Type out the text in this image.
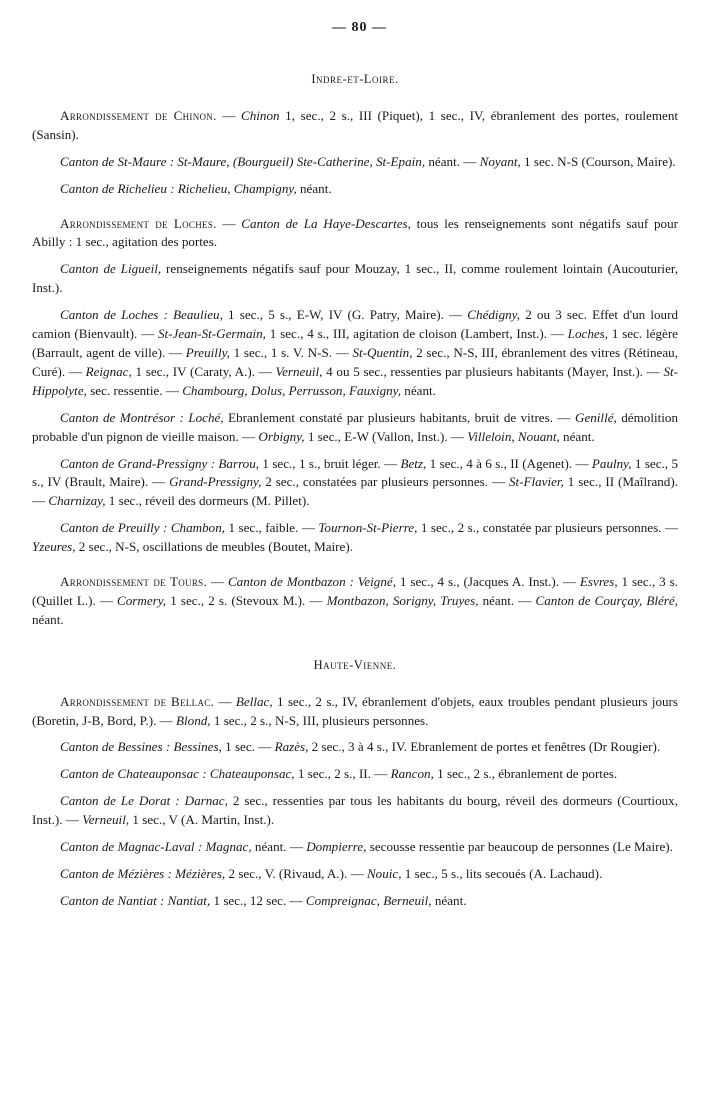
— 80 —
Indre-et-Loire.

Arrondissement de Chinon. — Chinon 1, sec., 2 s., III (Piquet), 1 sec., IV, ébranlement des portes, roulement (Sansin).

Canton de St-Maure : St-Maure, (Bourgueil) Ste-Catherine, St-Epain, néant. — Noyant, 1 sec. N-S (Courson, Maire).

Canton de Richelieu : Richelieu, Champigny, néant.

Arrondissement de Loches. — Canton de La Haye-Descartes, tous les renseignements sont négatifs sauf pour Abilly : 1 sec., agitation des portes.

Canton de Ligueil, renseignements négatifs sauf pour Mouzay, 1 sec., II, comme roulement lointain (Aucouturier, Inst.).

Canton de Loches : Beaulieu, 1 sec., 5 s., E-W, IV (G. Patry, Maire). — Chédigny, 2 ou 3 sec. Effet d'un lourd camion (Bienvault). — St-Jean-St-Germain, 1 sec., 4 s., III, agitation de cloison (Lambert, Inst.). — Loches, 1 sec. légère (Barrault, agent de ville). — Preuilly, 1 sec., 1 s. V. N-S. — St-Quentin, 2 sec., N-S, III, ébranlement des vitres (Rétineau, Curé). — Reignac, 1 sec., IV (Caraty, A.). — Verneuil, 4 ou 5 sec., ressenties par plusieurs habitants (Mayer, Inst.). — St-Hippolyte, sec. ressentie. — Chambourg, Dolus, Perrusson, Fauxigny, néant.

Canton de Montrésor : Loché, Ebranlement constaté par plusieurs habitants, bruit de vitres. — Genillé, démolition probable d'un pignon de vieille maison. — Orbigny, 1 sec., E-W (Vallon, Inst.). — Villeloin, Nouant, néant.

Canton de Grand-Pressigny : Barrou, 1 sec., 1 s., bruit léger. — Betz, 1 sec., 4 à 6 s., II (Agenet). — Paulny, 1 sec., 5 s., IV (Brault, Maire). — Grand-Pressigny, 2 sec., constatées par plusieurs personnes. — St-Flavier, 1 sec., II (Maîlrand). — Charnizay, 1 sec., réveil des dormeurs (M. Pillet).

Canton de Preuilly : Chambon, 1 sec., faible. — Tournon-St-Pierre, 1 sec., 2 s., constatée par plusieurs personnes. — Yzeures, 2 sec., N-S, oscillations de meubles (Boutet, Maire).

Arrondissement de Tours. — Canton de Montbazon : Veigné, 1 sec., 4 s., (Jacques A. Inst.). — Esvres, 1 sec., 3 s. (Quillet L.). — Cormery, 1 sec., 2 s. (Stevoux M.). — Montbazon, Sorigny, Truyes, néant. — Canton de Courçay, Bléré, néant.

Haute-Vienne.

Arrondissement de Bellac. — Bellac, 1 sec., 2 s., IV, ébranlement d'objets, eaux troubles pendant plusieurs jours (Boretin, J-B, Bord, P.). — Blond, 1 sec., 2 s., N-S, III, plusieurs personnes.

Canton de Bessines : Bessines, 1 sec. — Razès, 2 sec., 3 à 4 s., IV. Ebranlement de portes et fenêtres (Dr Rougier).

Canton de Chateauponsac : Chateauponsac, 1 sec., 2 s., II. — Rancon, 1 sec., 2 s., ébranlement de portes.

Canton de Le Dorat : Darnac, 2 sec., ressenties par tous les habitants du bourg, réveil des dormeurs (Courtioux, Inst.). — Verneuil, 1 sec., V (A. Martin, Inst.).

Canton de Magnac-Laval : Magnac, néant. — Dompierre, secousse ressentie par beaucoup de personnes (Le Maire).

Canton de Mézières : Mézières, 2 sec., V. (Rivaud, A.). — Nouic, 1 sec., 5 s., lits secoués (A. Lachaud).

Canton de Nantiat : Nantiat, 1 sec., 12 sec. — Compreignac, Berneuil, néant.
